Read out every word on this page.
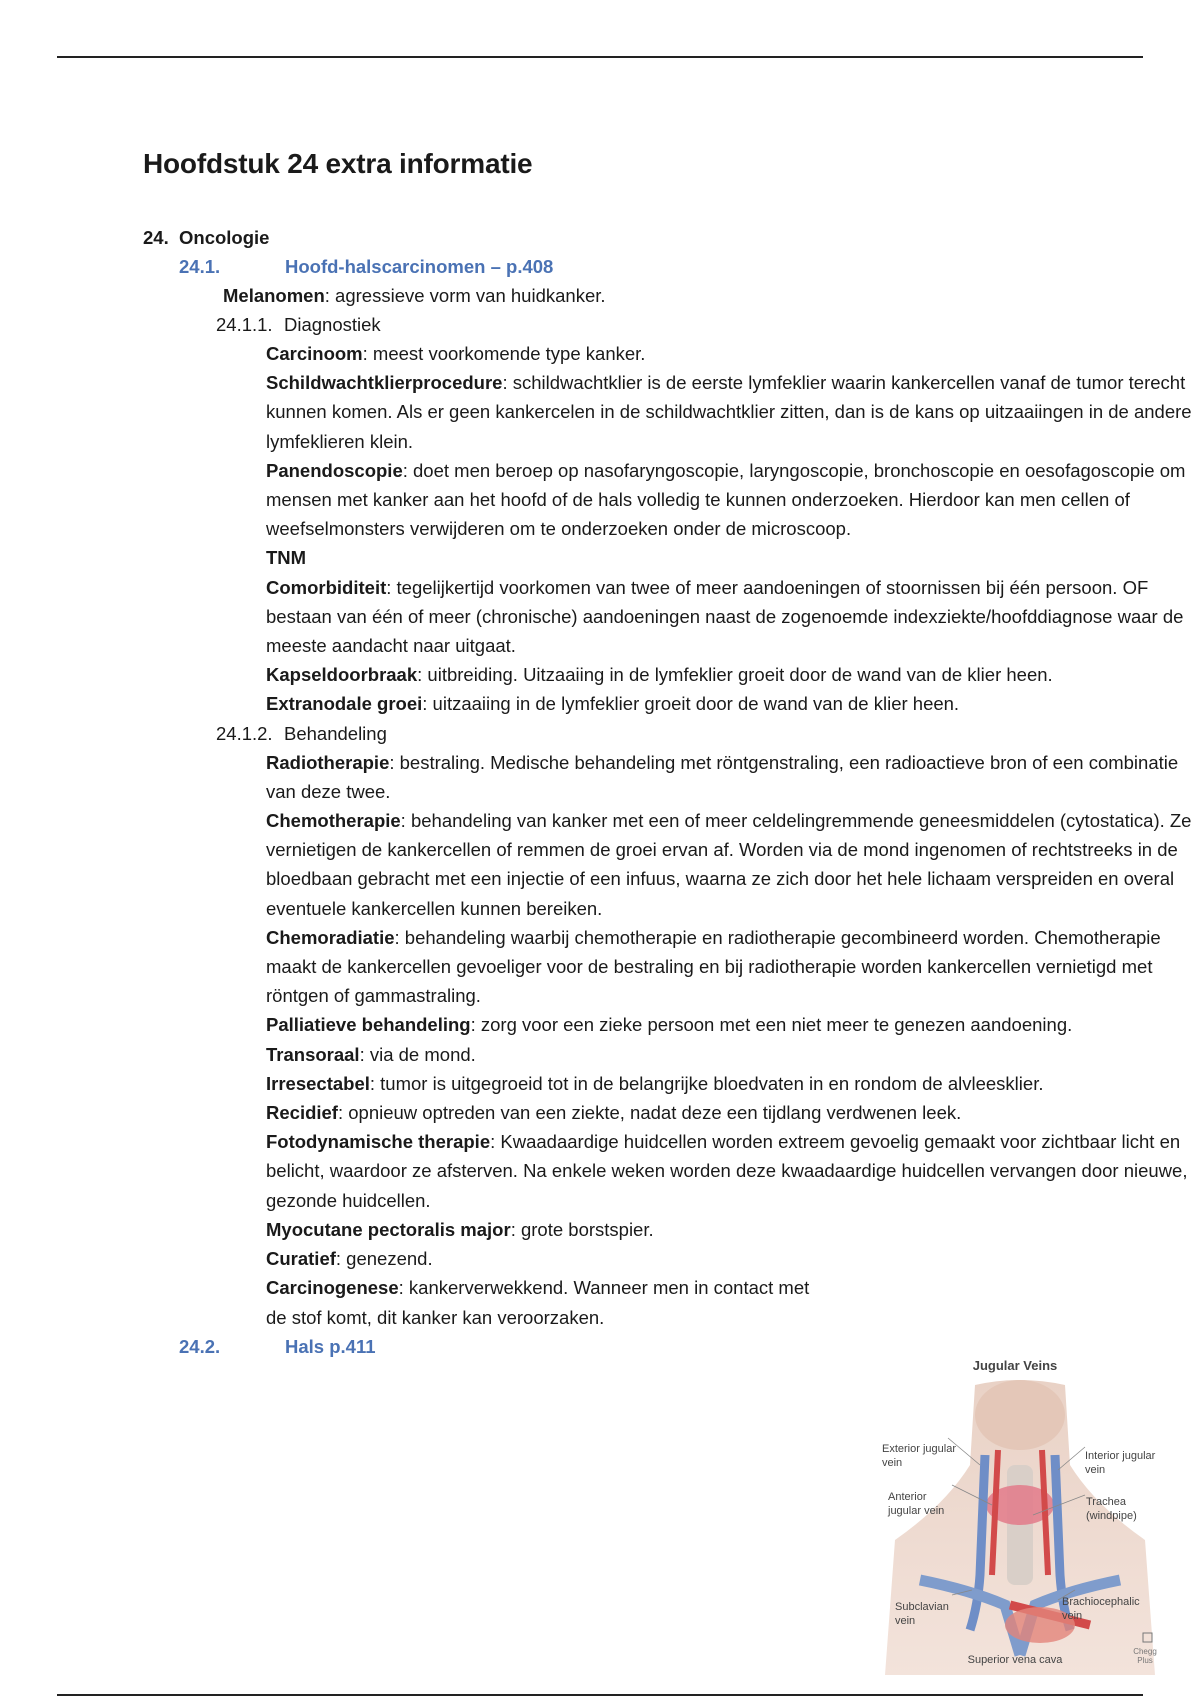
Hoofdstuk 24 extra informatie

24. Oncologie

24.1.	Hoofd-halscarcinomen – p.408
Melanomen: agressieve vorm van huidkanker.
24.1.1. Diagnostiek

Carcinoom: meest voorkomende type kanker.

Schildwachtklierprocedure: schildwachtklier is de eerste lymfeklier waarin kankercellen vanaf de tumor terecht kunnen komen. Als er geen kankercelen in de schildwachtklier zitten, dan is de kans op uitzaaiingen in de andere lymfeklieren klein.

Panendoscopie: doet men beroep op nasofaryngoscopie, laryngoscopie, bronchoscopie en oesofagoscopie om mensen met kanker aan het hoofd of de hals volledig te kunnen onderzoeken. Hierdoor kan men cellen of weefselmonsters verwijderen om te onderzoeken onder de microscoop.

TNM

Comorbiditeit: tegelijkertijd voorkomen van twee of meer aandoeningen of stoornissen bij één persoon. OF bestaan van één of meer (chronische) aandoeningen naast de zogenoemde indexziekte/hoofddiagnose waar de meeste aandacht naar uitgaat.

Kapseldoorbraak: uitbreiding. Uitzaaiing in de lymfeklier groeit door de wand van de klier heen.

Extranodale groei: uitzaaiing in de lymfeklier groeit door de wand van de klier heen.

24.1.2. Behandeling

Radiotherapie: bestraling. Medische behandeling met röntgenstraling, een radioactieve bron of een combinatie van deze twee.

Chemotherapie: behandeling van kanker met een of meer celdelingremmende geneesmiddelen (cytostatica). Ze vernietigen de kankercellen of remmen de groei ervan af. Worden via de mond ingenomen of rechtstreeks in de bloedbaan gebracht met een injectie of een infuus, waarna ze zich door het hele lichaam verspreiden en overal eventuele kankercellen kunnen bereiken.

Chemoradiatie: behandeling waarbij chemotherapie en radiotherapie gecombineerd worden. Chemotherapie maakt de kankercellen gevoeliger voor de bestraling en bij radiotherapie worden kankercellen vernietigd met röntgen of gammastraling.

Palliatieve behandeling: zorg voor een zieke persoon met een niet meer te genezen aandoening.

Transoraal: via de mond.

Irresectabel: tumor is uitgegroeid tot in de belangrijke bloedvaten in en rondom de alvleesklier.

Recidief: opnieuw optreden van een ziekte, nadat deze een tijdlang verdwenen leek.

Fotodynamische therapie: Kwaadaardige huidcellen worden extreem gevoelig gemaakt voor zichtbaar licht en belicht, waardoor ze afsterven. Na enkele weken worden deze kwaadaardige huidcellen vervangen door nieuwe, gezonde huidcellen.

Myocutane pectoralis major: grote borstspier.

Curatief: genezend.

Carcinogenese: kankerverwekkend. Wanneer men in contact met de stof komt, dit kanker kan veroorzaken.

24.2.	Hals p.411
Jugular Veins
Exterior jugular vein
Interior jugular vein
Anterior jugular vein
Trachea (windpipe)
Subclavian vein
Brachiocephalic vein
Superior vena cava
Chegg Plus
